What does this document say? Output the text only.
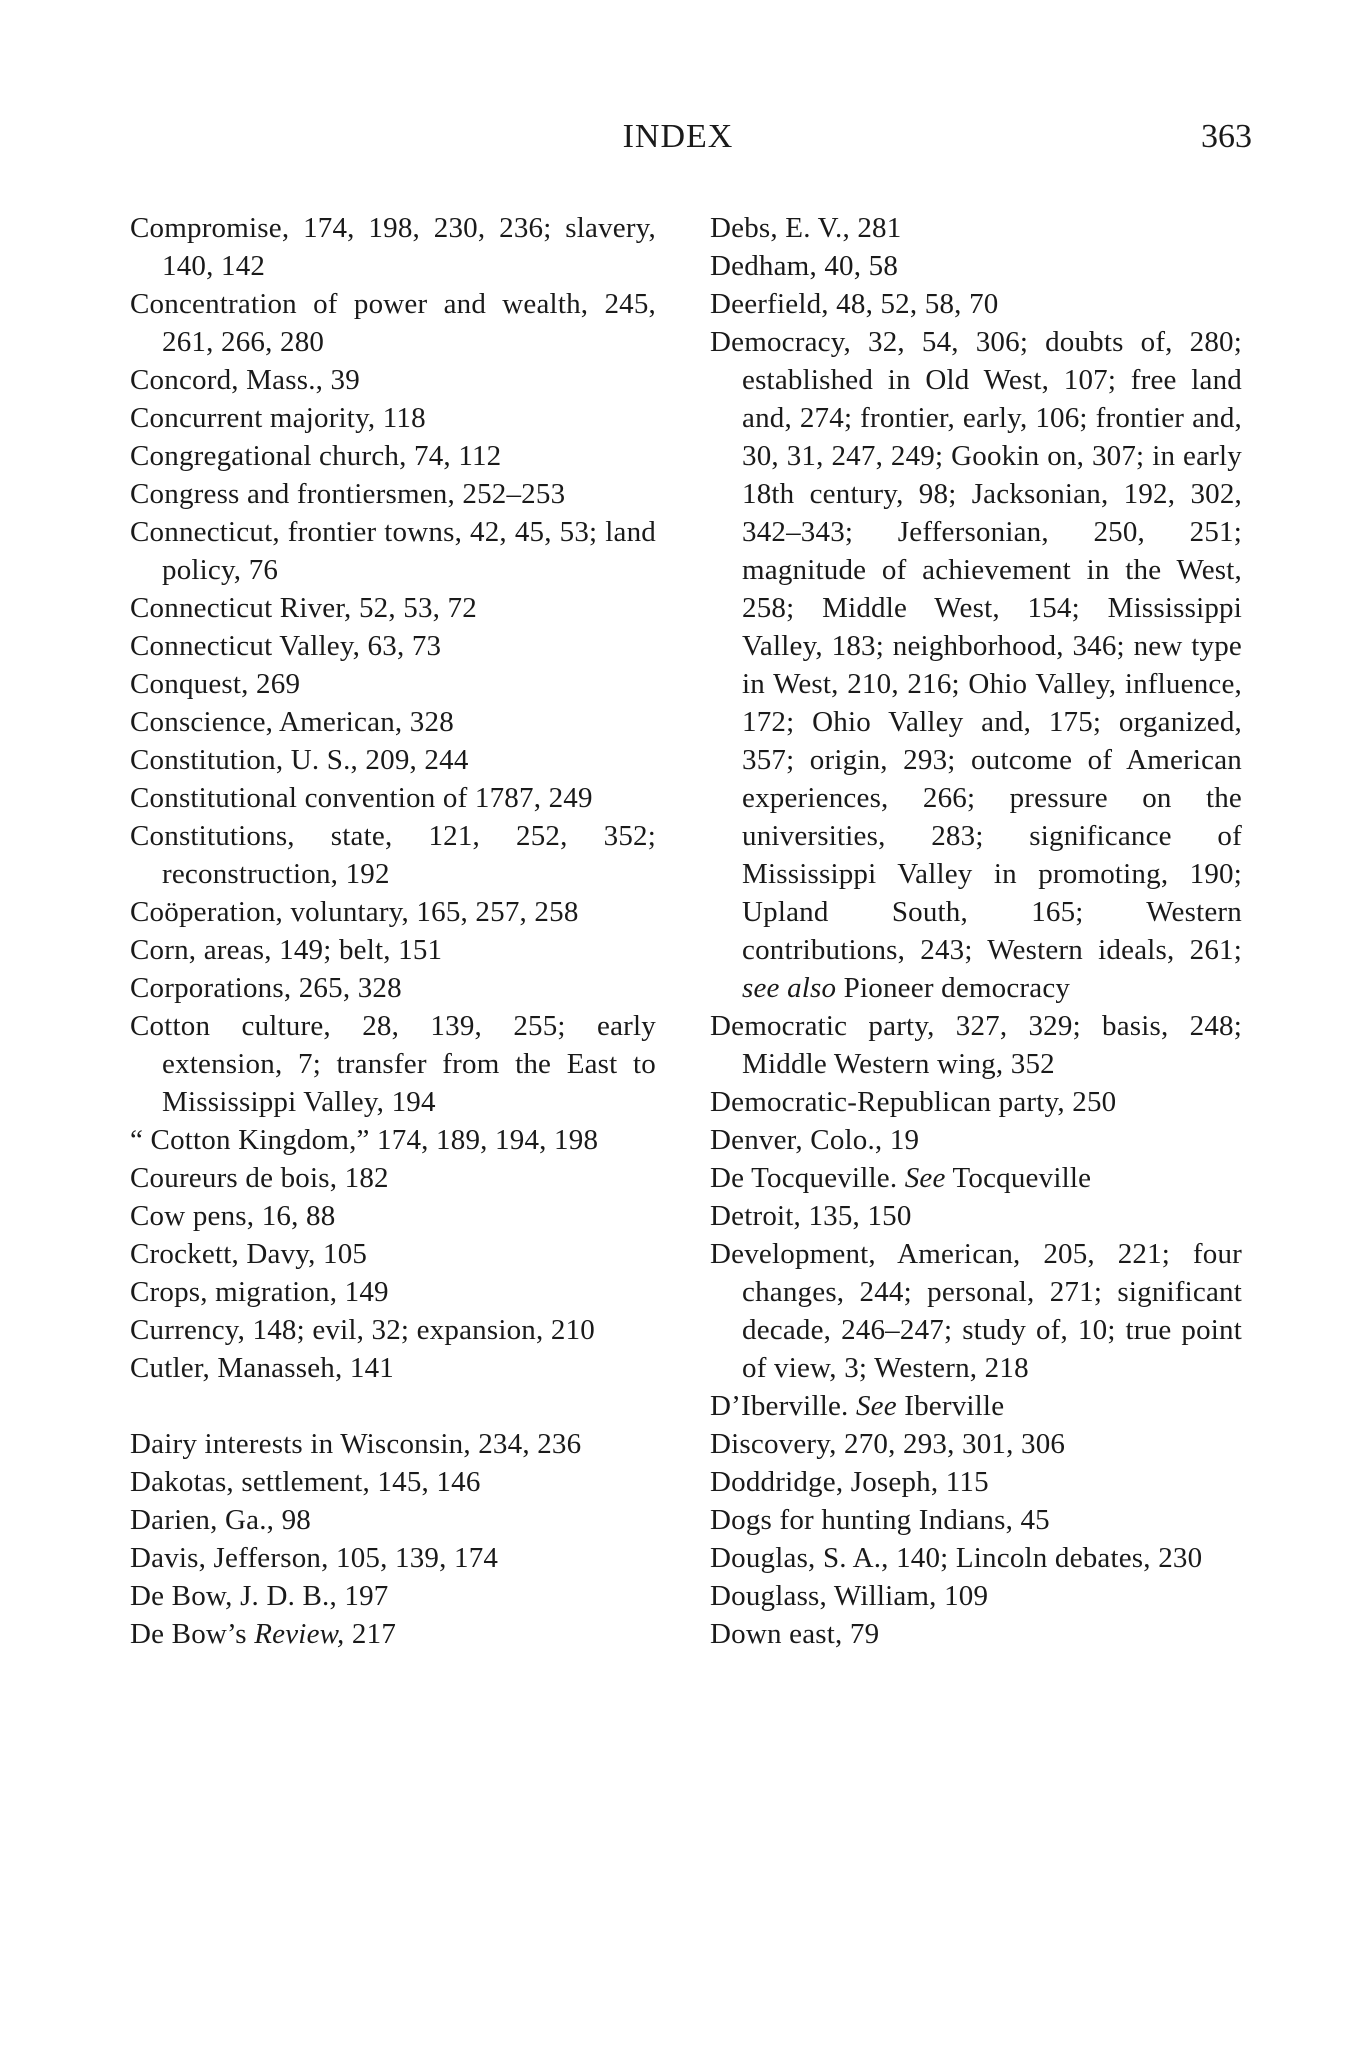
INDEX	363

Compromise, 174, 198, 230, 236; slavery, 140, 142

Concentration of power and wealth, 245, 261, 266, 280

Concord, Mass., 39

Concurrent majority, 118

Congregational church, 74, 112

Congress and frontiersmen, 252–253

Connecticut, frontier towns, 42, 45, 53; land policy, 76

Connecticut River, 52, 53, 72

Connecticut Valley, 63, 73

Conquest, 269

Conscience, American, 328

Constitution, U. S., 209, 244

Constitutional convention of 1787, 249

Constitutions, state, 121, 252, 352; reconstruction, 192

Coöperation, voluntary, 165, 257, 258

Corn, areas, 149; belt, 151

Corporations, 265, 328

Cotton culture, 28, 139, 255; early extension, 7; transfer from the East to Mississippi Valley, 194

“ Cotton Kingdom,” 174, 189, 194, 198

Coureurs de bois, 182

Cow pens, 16, 88

Crockett, Davy, 105

Crops, migration, 149

Currency, 148; evil, 32; expansion, 210

Cutler, Manasseh, 141

Dairy interests in Wisconsin, 234, 236

Dakotas, settlement, 145, 146

Darien, Ga., 98

Davis, Jefferson, 105, 139, 174

De Bow, J. D. B., 197

De Bow’s Review, 217

Debs, E. V., 281

Dedham, 40, 58

Deerfield, 48, 52, 58, 70

Democracy, 32, 54, 306; doubts of, 280; established in Old West, 107; free land and, 274; frontier, early, 106; frontier and, 30, 31, 247, 249; Gookin on, 307; in early 18th century, 98; Jacksonian, 192, 302, 342–343; Jeffersonian, 250, 251; magnitude of achievement in the West, 258; Middle West, 154; Mississippi Valley, 183; neighborhood, 346; new type in West, 210, 216; Ohio Valley, influence, 172; Ohio Valley and, 175; organized, 357; origin, 293; outcome of American experiences, 266; pressure on the universities, 283; significance of Mississippi Valley in promoting, 190; Upland South, 165; Western contributions, 243; Western ideals, 261; see also Pioneer democracy

Democratic party, 327, 329; basis, 248; Middle Western wing, 352

Democratic-Republican party, 250

Denver, Colo., 19

De Tocqueville. See Tocqueville

Detroit, 135, 150

Development, American, 205, 221; four changes, 244; personal, 271; significant decade, 246–247; study of, 10; true point of view, 3; Western, 218

D’Iberville. See Iberville

Discovery, 270, 293, 301, 306

Doddridge, Joseph, 115

Dogs for hunting Indians, 45

Douglas, S. A., 140; Lincoln debates, 230

Douglass, William, 109

Down east, 79
